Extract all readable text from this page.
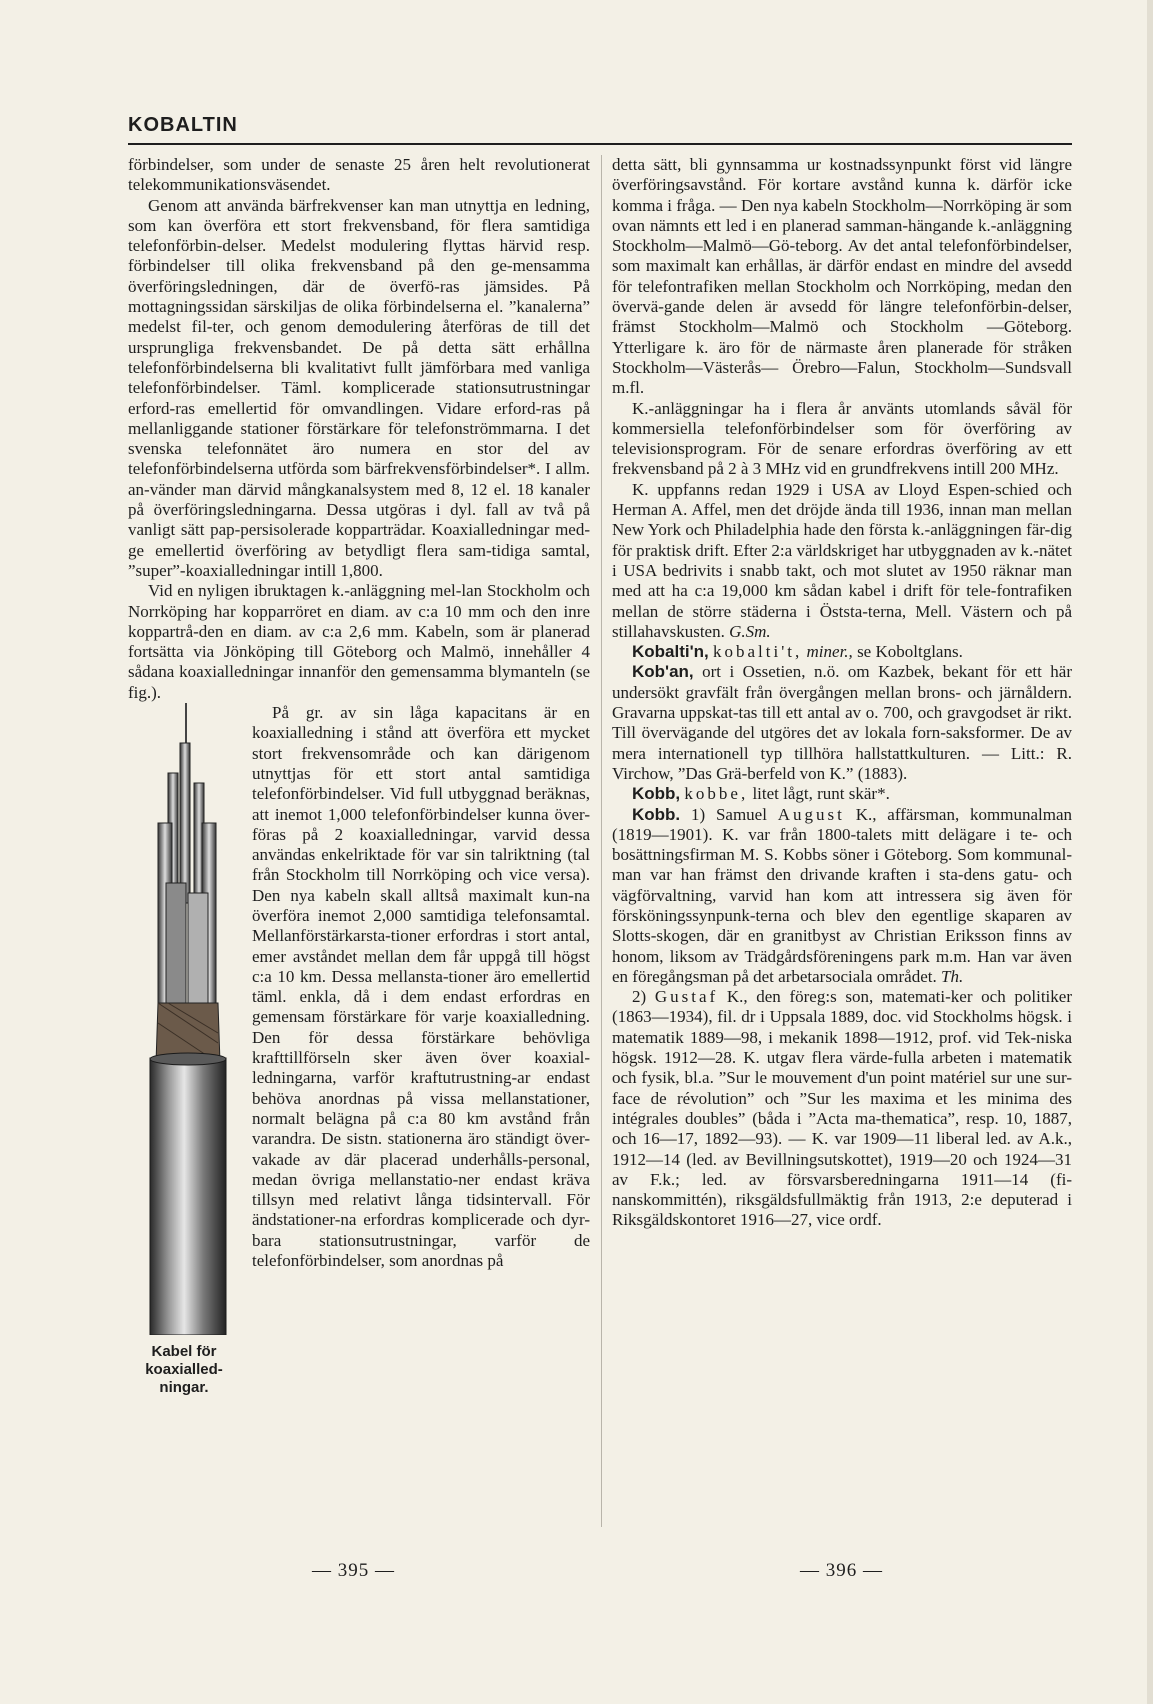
KOBALTIN

förbindelser, som under de senaste 25 åren helt revolutionerat telekommunikationsväsendet.

Genom att använda bärfrekvenser kan man utnyttja en ledning, som kan överföra ett stort frekvensband, för flera samtidiga telefonförbin-delser. Medelst modulering flyttas härvid resp. förbindelser till olika frekvensband på den ge-mensamma överföringsledningen, där de överfö-ras jämsides. På mottagningssidan särskiljas de olika förbindelserna el. ”kanalerna” medelst fil-ter, och genom demodulering återföras de till det ursprungliga frekvensbandet. De på detta sätt erhållna telefonförbindelserna bli kvalitativt fullt jämförbara med vanliga telefonförbindelser. Täml. komplicerade stationsutrustningar erford-ras emellertid för omvandlingen. Vidare erford-ras på mellanliggande stationer förstärkare för telefonströmmarna. I det svenska telefonnätet äro numera en stor del av telefonförbindelserna utförda som bärfrekvensförbindelser*. I allm. an-vänder man därvid mångkanalsystem med 8, 12 el. 18 kanaler på överföringsledningarna. Dessa utgöras i dyl. fall av två på vanligt sätt pap-persisolerade kopparträdar. Koaxialledningar med-ge emellertid överföring av betydligt flera sam-tidiga samtal, ”super”-koaxialledningar intill 1,800.

Vid en nyligen ibruktagen k.-anläggning mel-lan Stockholm och Norrköping har kopparröret en diam. av c:a 10 mm och den inre koppartrå-den en diam. av c:a 2,6 mm. Kabeln, som är planerad fortsätta via Jönköping till Göteborg och Malmö, innehåller 4 sådana koaxialledningar innanför den gemensamma blymanteln (se fig.).

Kabel för koaxialled-ningar.

På gr. av sin låga kapacitans är en koaxialledning i stånd att överföra ett mycket stort frekvensområde och kan därigenom utnyttjas för ett stort antal samtidiga telefonförbindelser. Vid full utbyggnad beräknas, att inemot 1,000 telefonförbindelser kunna över-föras på 2 koaxialledningar, varvid dessa användas enkelriktade för var sin talriktning (tal från Stockholm till Norrköping och vice versa). Den nya kabeln skall alltså maximalt kun-na överföra inemot 2,000 samtidiga telefonsamtal. Mellanförstärkarsta-tioner erfordras i stort antal, emer avståndet mellan dem får uppgå till högst c:a 10 km. Dessa mellansta-tioner äro emellertid täml. enkla, då i dem endast erfordras en gemensam förstärkare för varje koaxialledning. Den för dessa förstärkare behövliga krafttillförseln sker även över koaxial-ledningarna, varför kraftutrustning-ar endast behöva anordnas på vissa mellanstationer, normalt belägna på c:a 80 km avstånd från varandra. De sistn. stationerna äro ständigt över-vakade av där placerad underhålls-personal, medan övriga mellanstatio-ner endast kräva tillsyn med relativt långa tidsintervall. För ändstationer-na erfordras komplicerade och dyr-bara stationsutrustningar, varför de telefonförbindelser, som anordnas på

detta sätt, bli gynnsamma ur kostnadssynpunkt först vid längre överföringsavstånd. För kortare avstånd kunna k. därför icke komma i fråga. — Den nya kabeln Stockholm—Norrköping är som ovan nämnts ett led i en planerad samman-hängande k.-anläggning Stockholm—Malmö—Gö-teborg. Av det antal telefonförbindelser, som maximalt kan erhållas, är därför endast en mindre del avsedd för telefontrafiken mellan Stockholm och Norrköping, medan den övervä-gande delen är avsedd för längre telefonförbin-delser, främst Stockholm—Malmö och Stockholm —Göteborg. Ytterligare k. äro för de närmaste åren planerade för stråken Stockholm—Västerås— Örebro—Falun, Stockholm—Sundsvall m.fl.

K.-anläggningar ha i flera år använts utomlands såväl för kommersiella telefonförbindelser som för överföring av televisionsprogram. För de senare erfordras överföring av ett frekvensband på 2 à 3 MHz vid en grundfrekvens intill 200 MHz.

K. uppfanns redan 1929 i USA av Lloyd Espen-schied och Herman A. Affel, men det dröjde ända till 1936, innan man mellan New York och Philadelphia hade den första k.-anläggningen fär-dig för praktisk drift. Efter 2:a världskriget har utbyggnaden av k.-nätet i USA bedrivits i snabb takt, och mot slutet av 1950 räknar man med att ha c:a 19,000 km sådan kabel i drift för tele-fontrafiken mellan de större städerna i Öststa-terna, Mell. Västern och på stillahavskusten. G.Sm.

Kobalti'n, kobalti't, miner., se Koboltglans.

Kob'an, ort i Ossetien, n.ö. om Kazbek, bekant för ett här undersökt gravfält från övergången mellan brons- och järnåldern. Gravarna uppskat-tas till ett antal av o. 700, och gravgodset är rikt. Till övervägande del utgöres det av lokala forn-saksformer. De av mera internationell typ tillhöra hallstattkulturen. — Litt.: R. Virchow, ”Das Grä-berfeld von K.” (1883).

Kobb, kobbe, litet lågt, runt skär*.

Kobb. 1) Samuel August K., affärsman, kommunalman (1819—1901). K. var från 1800-talets mitt delägare i te- och bosättningsfirman M. S. Kobbs söner i Göteborg. Som kommunal-man var han främst den drivande kraften i sta-dens gatu- och vägförvaltning, varvid han kom att intressera sig även för försköningssynpunk-terna och blev den egentlige skaparen av Slotts-skogen, där en granitbyst av Christian Eriksson finns av honom, liksom av Trädgårdsföreningens park m.m. Han var även en föregångsman på det arbetarsociala området. Th.

2) Gustaf K., den föreg:s son, matemati-ker och politiker (1863—1934), fil. dr i Uppsala 1889, doc. vid Stockholms högsk. i matematik 1889—98, i mekanik 1898—1912, prof. vid Tek-niska högsk. 1912—28. K. utgav flera värde-fulla arbeten i matematik och fysik, bl.a. ”Sur le mouvement d'un point matériel sur une sur-face de révolution” och ”Sur les maxima et les minima des intégrales doubles” (båda i ”Acta ma-thematica”, resp. 10, 1887, och 16—17, 1892—93). — K. var 1909—11 liberal led. av A.k., 1912—14 (led. av Bevillningsutskottet), 1919—20 och 1924—31 av F.k.; led. av försvarsberedningarna 1911—14 (fi-nanskommittén), riksgäldsfullmäktig från 1913, 2:e deputerad i Riksgäldskontoret 1916—27, vice ordf.

— 395 —	— 396 —
